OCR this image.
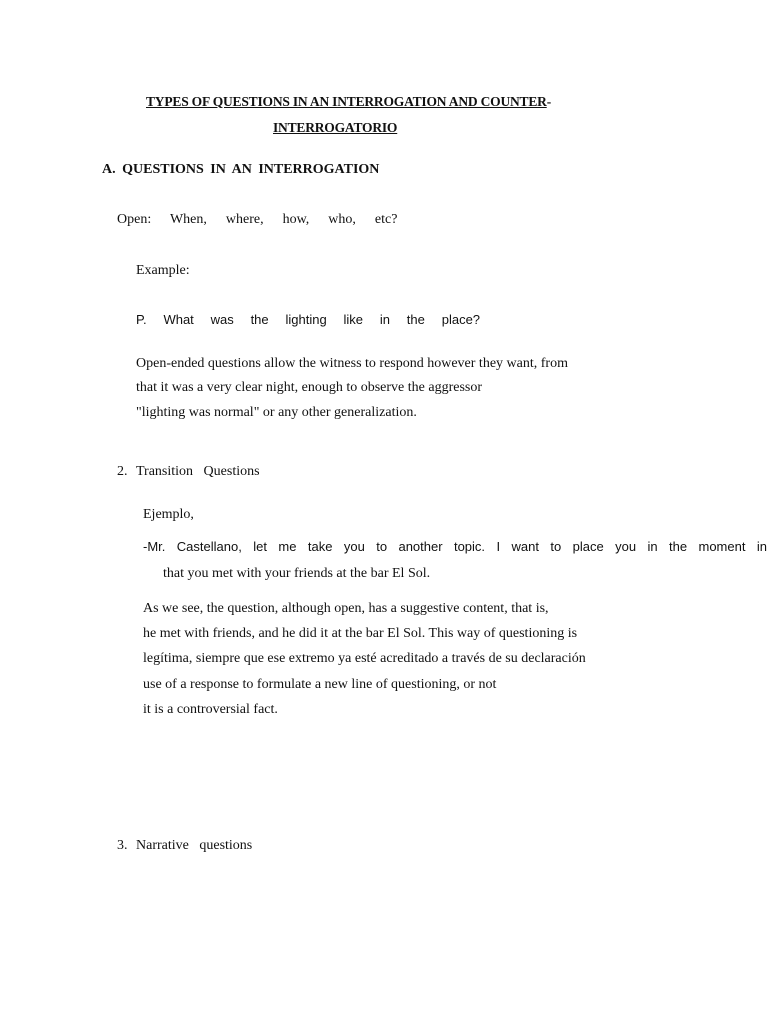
TYPES OF QUESTIONS IN AN INTERROGATION AND COUNTER-
INTERROGATORIO
A. QUESTIONS IN AN INTERROGATION
Open:  When,  where,  how,  who,  etc?
Example:
P.   What   was   the   lighting   like   in   the   place?
Open-ended questions allow the witness to respond however they want, from
that it was a very clear night, enough to observe the aggressor
"lighting was normal" or any other generalization.
2. Transition   Questions
Ejemplo,
-Mr. Castellano, let me take you to another topic. I want to place you in the moment in
that you met with your friends at the bar El Sol.
As we see, the question, although open, has a suggestive content, that is,
he met with friends, and he did it at the bar El Sol. This way of questioning is
legítima, siempre que ese extremo ya esté acreditado a través de su declaración
use of a response to formulate a new line of questioning, or not
it is a controversial fact.
3. Narrative   questions
